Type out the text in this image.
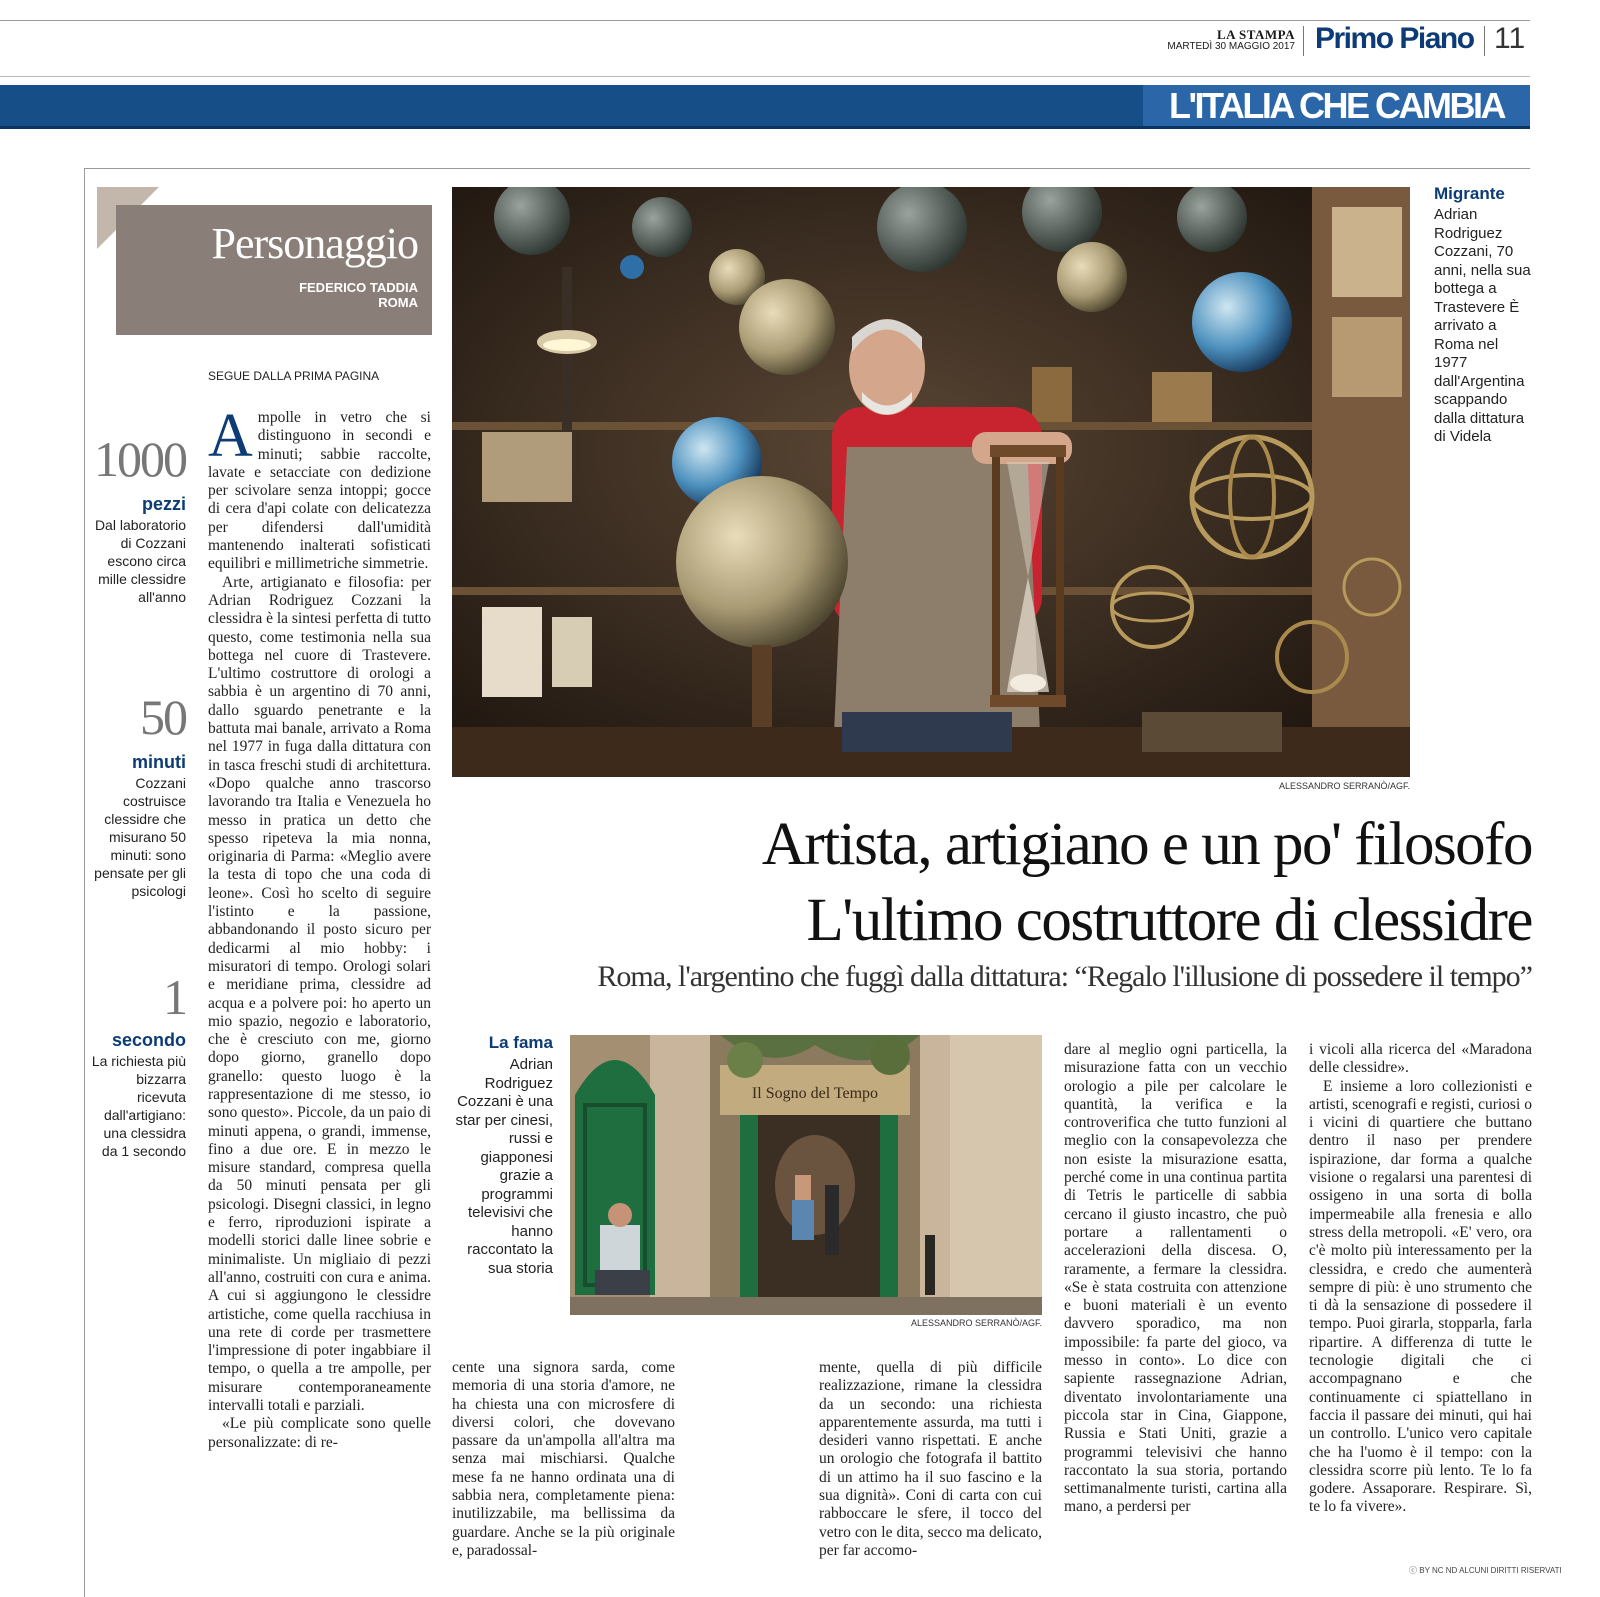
LA STAMPA
MARTEDÌ 30 MAGGIO 2017 Primo Piano 11
L'ITALIA CHE CAMBIA
Personaggio
FEDERICO TADDIA
ROMA
SEGUE DALLA PRIMA PAGINA
1000
pezzi
Dal laboratorio di Cozzani escono circa mille clessidre all'anno
50
minuti
Cozzani costruisce clessidre che misurano 50 minuti: sono pensate per gli psicologi
1
secondo
La richiesta più bizzarra ricevuta dall'artigiano: una clessidra da 1 secondo

Ampolle in vetro che si distinguono in secondi e minuti; sabbie raccolte, lavate e setacciate con dedizione per scivolare senza intoppi; gocce di cera d'api colate con delicatezza per difendersi dall'umidità mantenendo inalterati sofisticati equilibri e millimetriche simmetrie.

Arte, artigianato e filosofia: per Adrian Rodriguez Cozzani la clessidra è la sintesi perfetta di tutto questo, come testimonia nella sua bottega nel cuore di Trastevere. L'ultimo costruttore di orologi a sabbia è un argentino di 70 anni, dallo sguardo penetrante e la battuta mai banale, arrivato a Roma nel 1977 in fuga dalla dittatura con in tasca freschi studi di architettura. «Dopo qualche anno trascorso lavorando tra Italia e Venezuela ho messo in pratica un detto che spesso ripeteva la mia nonna, originaria di Parma: «Meglio avere la testa di topo che una coda di leone». Così ho scelto di seguire l'istinto e la passione, abbandonando il posto sicuro per dedicarmi al mio hobby: i misuratori di tempo. Orologi solari e meridiane prima, clessidre ad acqua e a polvere poi: ho aperto un mio spazio, negozio e laboratorio, che è cresciuto con me, giorno dopo giorno, granello dopo granello: questo luogo è la rappresentazione di me stesso, io sono questo». Piccole, da un paio di minuti appena, o grandi, immense, fino a due ore. E in mezzo le misure standard, compresa quella da 50 minuti pensata per gli psicologi. Disegni classici, in legno e ferro, riproduzioni ispirate a modelli storici dalle linee sobrie e minimaliste. Un migliaio di pezzi all'anno, costruiti con cura e anima. A cui si aggiungono le clessidre artistiche, come quella racchiusa in una rete di corde per trasmettere l'impressione di poter ingabbiare il tempo, o quella a tre ampolle, per misurare contemporaneamente intervalli totali e parziali.

«Le più complicate sono quelle personalizzate: di re-

ALESSANDRO SERRANÒ/AGF.
Migrante
Adrian Rodriguez Cozzani, 70 anni, nella sua bottega a Trastevere È arrivato a Roma nel 1977 dall'Argentina scappando dalla dittatura di Videla
Artista, artigiano e un po' filosofo
L'ultimo costruttore di clessidre
Roma, l'argentino che fuggì dalla dittatura: “Regalo l'illusione di possedere il tempo”
La fama
Adrian Rodriguez Cozzani è una star per cinesi, russi e giapponesi grazie a programmi televisivi che hanno raccontato la sua storia
Il Sogno del Tempo
ALESSANDRO SERRANÒ/AGF.

cente una signora sarda, come memoria di una storia d'amore, ne ha chiesta una con microsfere di diversi colori, che dovevano passare da un'ampolla all'altra ma senza mai mischiarsi. Qualche mese fa ne hanno ordinata una di sabbia nera, completamente piena: inutilizzabile, ma bellissima da guardare. Anche se la più originale e, paradossal-

mente, quella di più difficile realizzazione, rimane la clessidra da un secondo: una richiesta apparentemente assurda, ma tutti i desideri vanno rispettati. E anche un orologio che fotografa il battito di un attimo ha il suo fascino e la sua dignità». Coni di carta con cui rabboccare le sfere, il tocco del vetro con le dita, secco ma delicato, per far accomo-

dare al meglio ogni particella, la misurazione fatta con un vecchio orologio a pile per calcolare le quantità, la verifica e la controverifica che tutto funzioni al meglio con la consapevolezza che non esiste la misurazione esatta, perché come in una continua partita di Tetris le particelle di sabbia cercano il giusto incastro, che può portare a rallentamenti o accelerazioni della discesa. O, raramente, a fermare la clessidra. «Se è stata costruita con attenzione e buoni materiali è un evento davvero sporadico, ma non impossibile: fa parte del gioco, va messo in conto». Lo dice con sapiente rassegnazione Adrian, diventato involontariamente una piccola star in Cina, Giappone, Russia e Stati Uniti, grazie a programmi televisivi che hanno raccontato la sua storia, portando settimanalmente turisti, cartina alla mano, a perdersi per

i vicoli alla ricerca del «Maradona delle clessidre».

E insieme a loro collezionisti e artisti, scenografi e registi, curiosi o i vicini di quartiere che buttano dentro il naso per prendere ispirazione, dar forma a qualche visione o regalarsi una parentesi di ossigeno in una sorta di bolla impermeabile alla frenesia e allo stress della metropoli. «E' vero, ora c'è molto più interessamento per la clessidra, e credo che aumenterà sempre di più: è uno strumento che ti dà la sensazione di possedere il tempo. Puoi girarla, stopparla, farla ripartire. A differenza di tutte le tecnologie digitali che ci accompagnano e che continuamente ci spiattellano in faccia il passare dei minuti, qui hai un controllo. L'unico vero capitale che ha l'uomo è il tempo: con la clessidra scorre più lento. Te lo fa godere. Assaporare. Respirare. Sì, te lo fa vivere».

ⓒ BY NC ND ALCUNI DIRITTI RISERVATI
